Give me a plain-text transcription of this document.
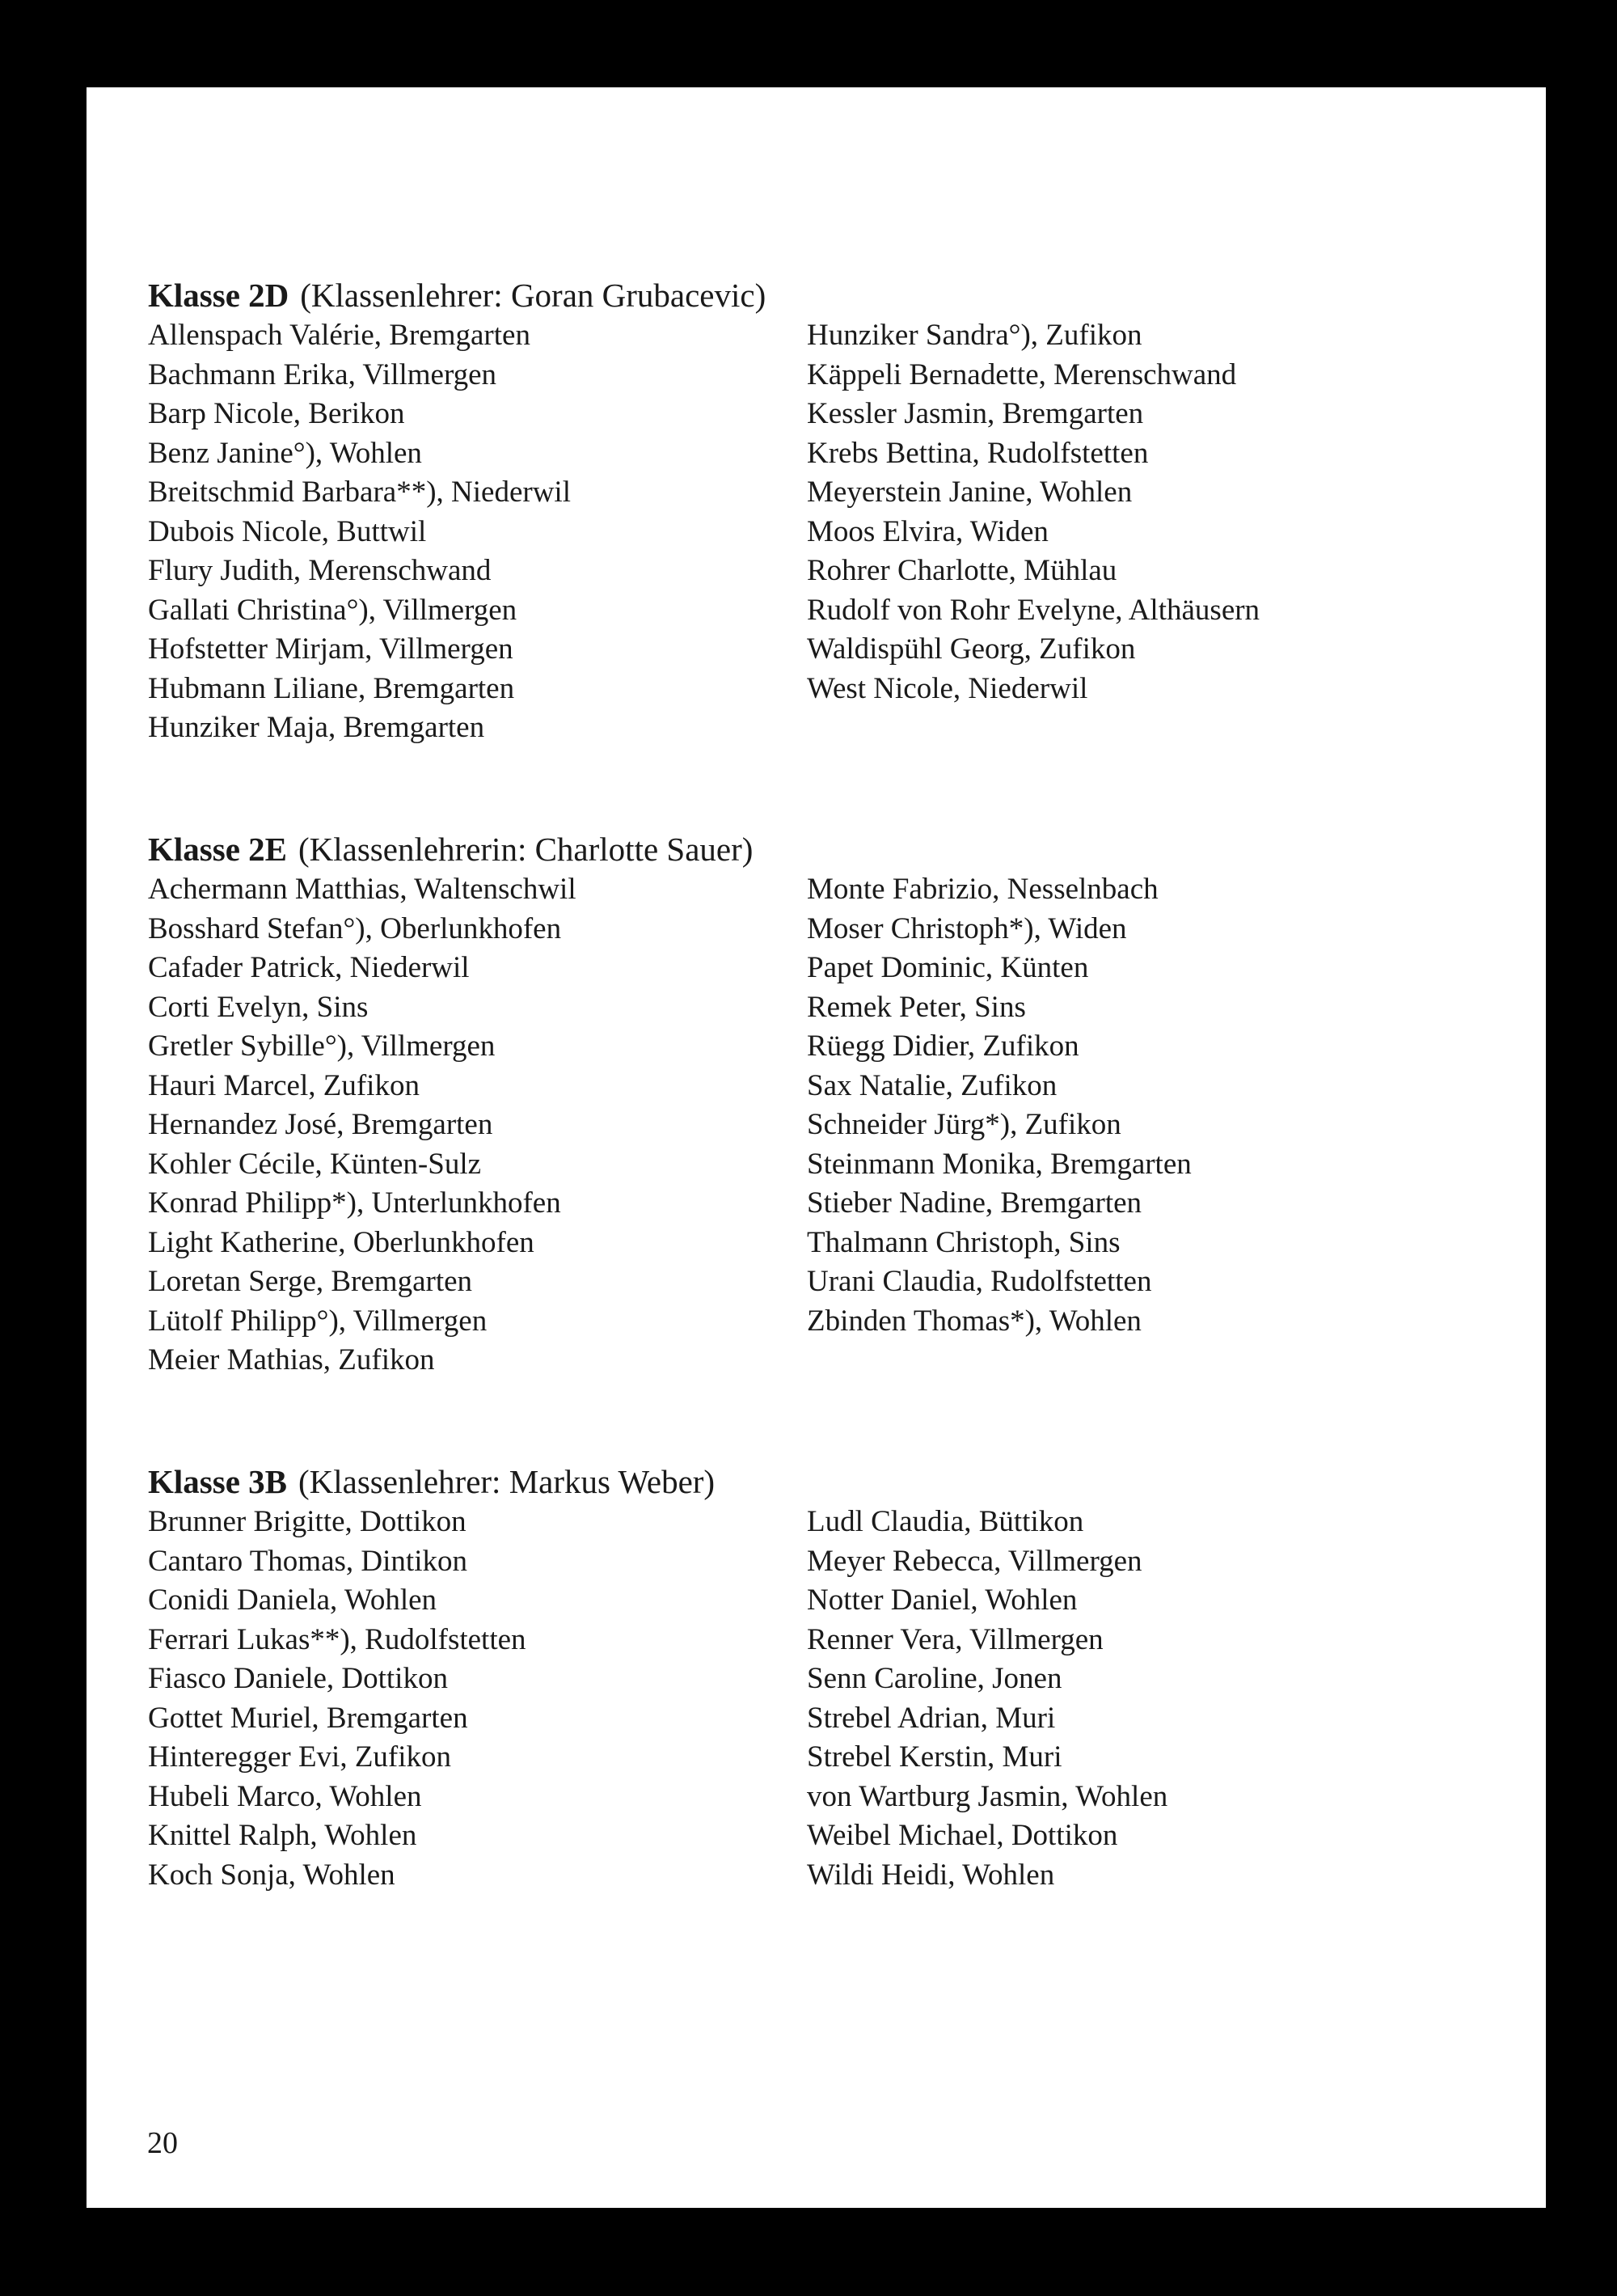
Klasse 2D (Klassenlehrer: Goran Grubacevic)
Allenspach Valérie, Bremgarten
Bachmann Erika, Villmergen
Barp Nicole, Berikon
Benz Janine°), Wohlen
Breitschmid Barbara**), Niederwil
Dubois Nicole, Buttwil
Flury Judith, Merenschwand
Gallati Christina°), Villmergen
Hofstetter Mirjam, Villmergen
Hubmann Liliane, Bremgarten
Hunziker Maja, Bremgarten
Hunziker Sandra°), Zufikon
Käppeli Bernadette, Merenschwand
Kessler Jasmin, Bremgarten
Krebs Bettina, Rudolfstetten
Meyerstein Janine, Wohlen
Moos Elvira, Widen
Rohrer Charlotte, Mühlau
Rudolf von Rohr Evelyne, Althäusern
Waldispühl Georg, Zufikon
West Nicole, Niederwil
Klasse 2E (Klassenlehrerin: Charlotte Sauer)
Achermann Matthias, Waltenschwil
Bosshard Stefan°), Oberlunkhofen
Cafader Patrick, Niederwil
Corti Evelyn, Sins
Gretler Sybille°), Villmergen
Hauri Marcel, Zufikon
Hernandez José, Bremgarten
Kohler Cécile, Künten-Sulz
Konrad Philipp*), Unterlunkhofen
Light Katherine, Oberlunkhofen
Loretan Serge, Bremgarten
Lütolf Philipp°), Villmergen
Meier Mathias, Zufikon
Monte Fabrizio, Nesselnbach
Moser Christoph*), Widen
Papet Dominic, Künten
Remek Peter, Sins
Rüegg Didier, Zufikon
Sax Natalie, Zufikon
Schneider Jürg*), Zufikon
Steinmann Monika, Bremgarten
Stieber Nadine, Bremgarten
Thalmann Christoph, Sins
Urani Claudia, Rudolfstetten
Zbinden Thomas*), Wohlen
Klasse 3B (Klassenlehrer: Markus Weber)
Brunner Brigitte, Dottikon
Cantaro Thomas, Dintikon
Conidi Daniela, Wohlen
Ferrari Lukas**), Rudolfstetten
Fiasco Daniele, Dottikon
Gottet Muriel, Bremgarten
Hinteregger Evi, Zufikon
Hubeli Marco, Wohlen
Knittel Ralph, Wohlen
Koch Sonja, Wohlen
Ludl Claudia, Büttikon
Meyer Rebecca, Villmergen
Notter Daniel, Wohlen
Renner Vera, Villmergen
Senn Caroline, Jonen
Strebel Adrian, Muri
Strebel Kerstin, Muri
von Wartburg Jasmin, Wohlen
Weibel Michael, Dottikon
Wildi Heidi, Wohlen
20
